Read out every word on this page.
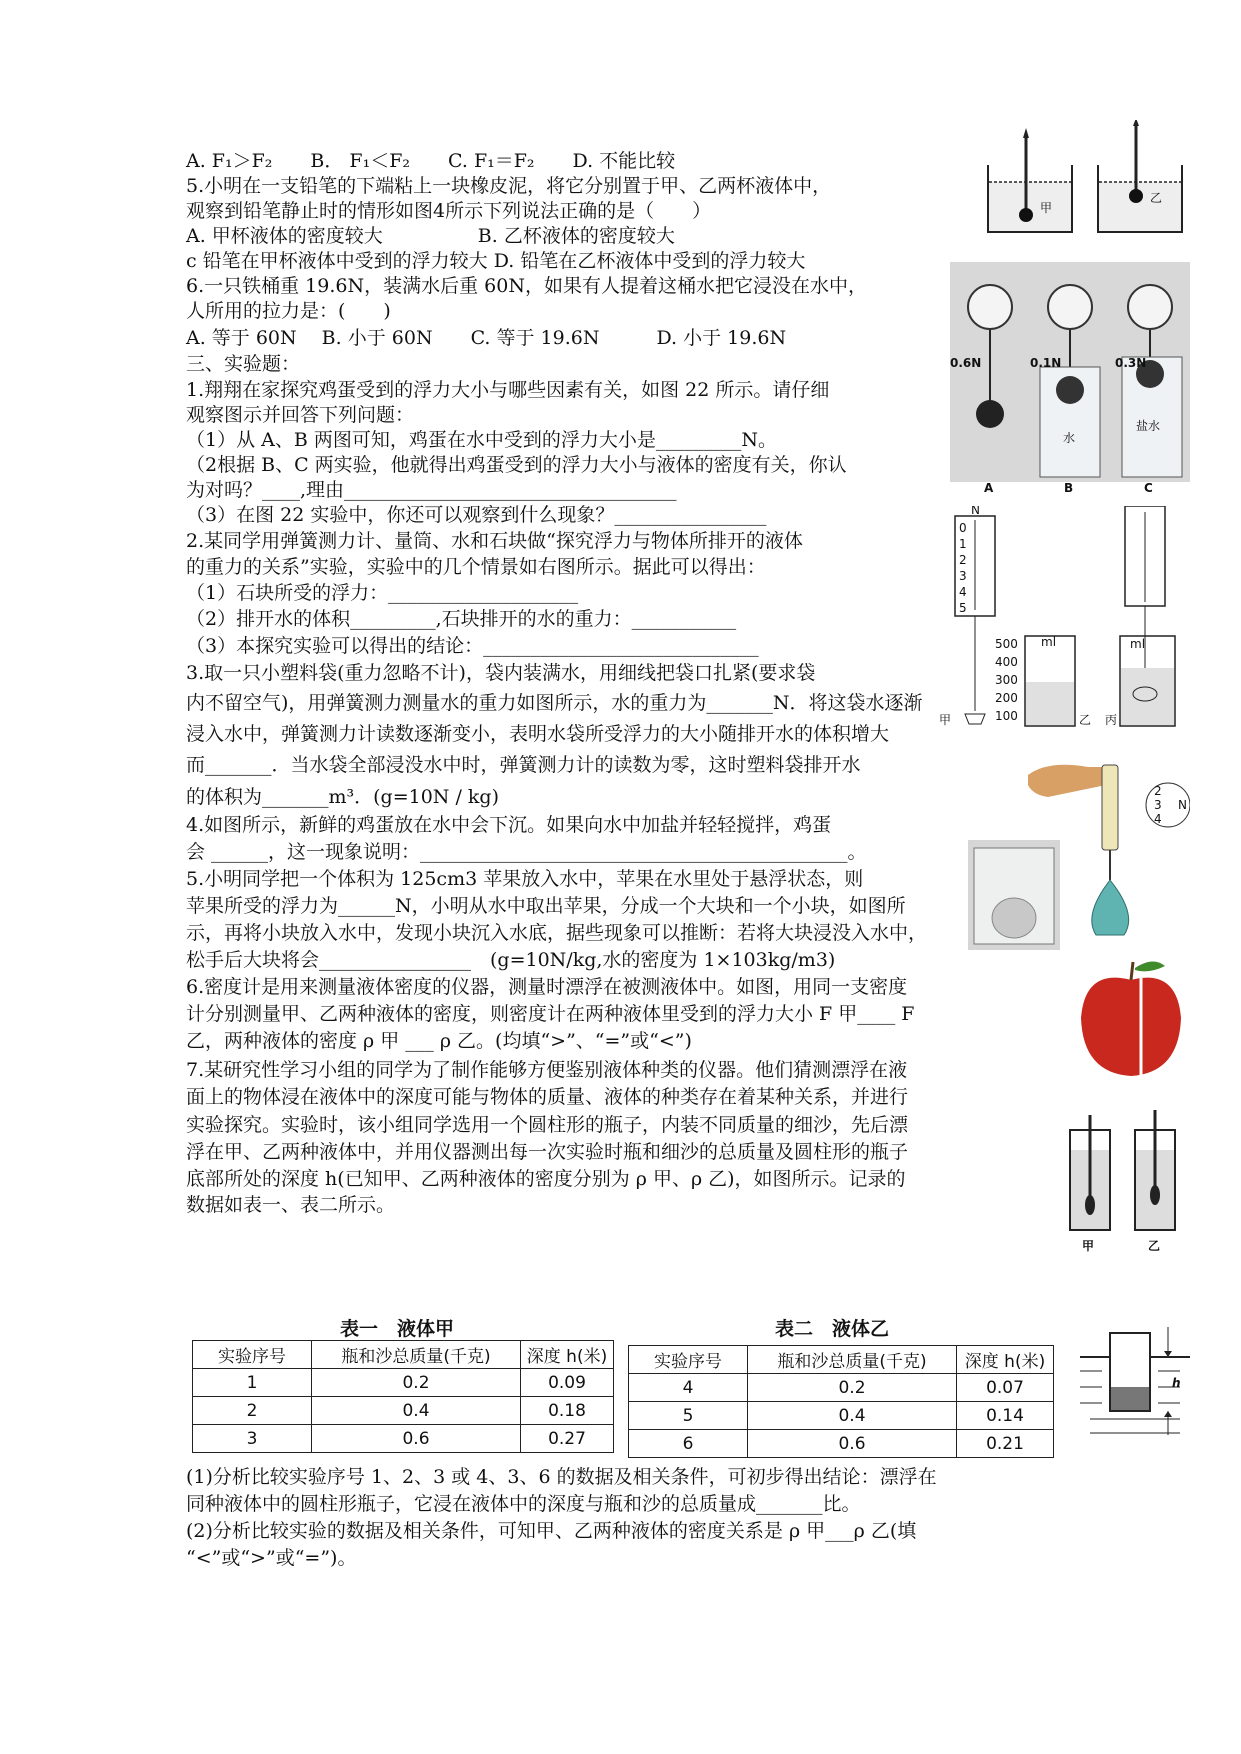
A. F₁＞F₂　　B． F₁＜F₂　　C. F₁＝F₂　　D. 不能比较
5.小明在一支铅笔的下端粘上一块橡皮泥，将它分别置于甲、乙两杯液体中，
观察到铅笔静止时的情形如图4所示下列说法正确的是（　　）
A. 甲杯液体的密度较大　　　　　B. 乙杯液体的密度较大
c 铅笔在甲杯液体中受到的浮力较大 D. 铅笔在乙杯液体中受到的浮力较大
6.一只铁桶重 19.6N，装满水后重 60N，如果有人提着这桶水把它浸没在水中，
人所用的拉力是：(　　)
A. 等于 60N　 B. 小于 60N　　C. 等于 19.6N　　　D. 小于 19.6N
三、实验题：
1.翔翔在家探究鸡蛋受到的浮力大小与哪些因素有关，如图 22 所示。请仔细
观察图示并回答下列问题：
（1）从 A、B 两图可知，鸡蛋在水中受到的浮力大小是_________N。
（2根据 B、C 两实验，他就得出鸡蛋受到的浮力大小与液体的密度有关，你认
为对吗？____,理由___________________________________
（3）在图 22 实验中，你还可以观察到什么现象？________________
2.某同学用弹簧测力计、量筒、水和石块做“探究浮力与物体所排开的液体
的重力的关系”实验，实验中的几个情景如右图所示。据此可以得出：
（1）石块所受的浮力：____________________
（2）排开水的体积_________,石块排开的水的重力：___________
（3）本探究实验可以得出的结论：_____________________________
3.取一只小塑料袋(重力忽略不计)，袋内装满水，用细线把袋口扎紧(要求袋
内不留空气)，用弹簧测力测量水的重力如图所示，水的重力为_______N．将这袋水逐渐
浸入水中，弹簧测力计读数逐渐变小，表明水袋所受浮力的大小随排开水的体积增大
而_______．当水袋全部浸没水中时，弹簧测力计的读数为零，这时塑料袋排开水
的体积为_______m³．(g=10N / kg)
4.如图所示，新鲜的鸡蛋放在水中会下沉。如果向水中加盐并轻轻搅拌，鸡蛋
会 ______，这一现象说明：_____________________________________________。
5.小明同学把一个体积为 125cm3 苹果放入水中，苹果在水里处于悬浮状态，则
苹果所受的浮力为______N，小明从水中取出苹果，分成一个大块和一个小块，如图所
示，再将小块放入水中，发现小块沉入水底，据些现象可以推断：若将大块浸没入水中，
松手后大块将会________________　(g=10N/kg,水的密度为 1×103kg/m3)
6.密度计是用来测量液体密度的仪器，测量时漂浮在被测液体中。如图，用同一支密度
计分别测量甲、乙两种液体的密度，则密度计在两种液体里受到的浮力大小 F 甲____ F
乙，两种液体的密度 ρ 甲 ___ ρ 乙。(均填“>”、“=”或“<”)
7.某研究性学习小组的同学为了制作能够方便鉴别液体种类的仪器。他们猜测漂浮在液
面上的物体浸在液体中的深度可能与物体的质量、液体的种类存在着某种关系，并进行
实验探究。实验时，该小组同学选用一个圆柱形的瓶子，内装不同质量的细沙，先后漂
浮在甲、乙两种液体中，并用仪器测出每一次实验时瓶和细沙的总质量及圆柱形的瓶子
底部所处的深度 h(已知甲、乙两种液体的密度分别为 ρ 甲、ρ 乙)，如图所示。记录的
数据如表一、表二所示。
(1)分析比较实验序号 1、2、3 或 4、3、6 的数据及相关条件，可初步得出结论：漂浮在
同种液体中的圆柱形瓶子，它浸在液体中的深度与瓶和沙的总质量成_______比。
(2)分析比较实验的数据及相关条件，可知甲、乙两种液体的密度关系是 ρ 甲___ρ 乙(填
“<”或“>”或“=”)。
表一　液体甲
实验序号	瓶和沙总质量(千克)	深度 h(米)
1	0.2	0.09
2	0.4	0.18
3	0.6	0.27
表二　液体乙
实验序号	瓶和沙总质量(千克)	深度 h(米)
4	0.2	0.07
5	0.4	0.14
6	0.6	0.21
甲
乙
0.6N
A
0.1N
水
B
0.3N
盐水
C
0
1
2
3
4
5
N
甲
500
400
300
200
100
ml
乙
ml
丙
2
3
4
N
甲	乙
h
